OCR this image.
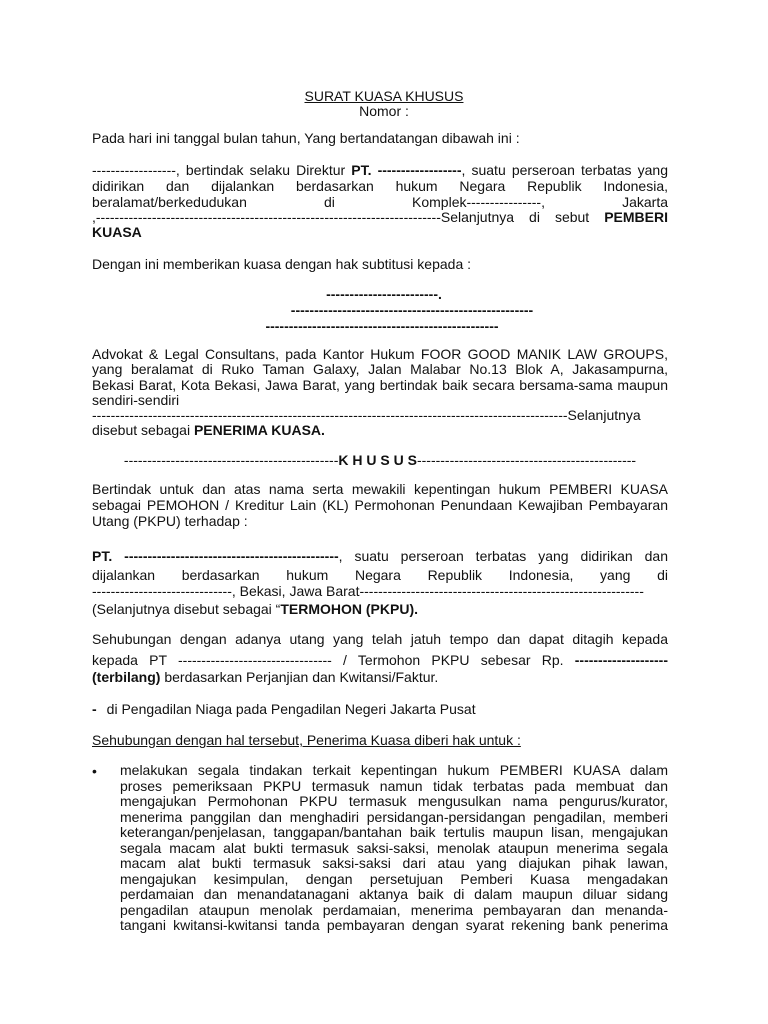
SURAT KUASA KHUSUS
Nomor :

Pada hari ini tanggal bulan tahun, Yang bertandatangan dibawah ini :

------------------, bertindak selaku Direktur PT. ------------------, suatu perseroan terbatas yang
didirikan dan dijalankan berdasarkan hukum Negara Republik Indonesia,
beralamat/berkedudukan di Komplek----------------, Jakarta
,--------------------------------------------------------------------------Selanjutnya di sebut PEMBERI
KUASA

Dengan ini memberikan kuasa dengan hak subtitusi kepada :

------------------------.
----------------------------------------------------
--------------------------------------------------
Advokat & Legal Consultans, pada Kantor Hukum FOOR GOOD MANIK LAW GROUPS,
yang beralamat di Ruko Taman Galaxy, Jalan Malabar No.13 Blok A, Jakasampurna,
Bekasi Barat, Kota Bekasi, Jawa Barat, yang bertindak baik secara bersama-sama maupun
sendiri-sendiri
------------------------------------------------------------------------------------------------------Selanjutnya
disebut sebagai PENERIMA KUASA.
----------------------------------------------K H U S U S-----------------------------------------------
Bertindak untuk dan atas nama serta mewakili kepentingan hukum PEMBERI KUASA
sebagai PEMOHON / Kreditur Lain (KL) Permohonan Penundaan Kewajiban Pembayaran
Utang (PKPU) terhadap :
PT. ----------------------------------------------, suatu perseroan terbatas yang didirikan dan
dijalankan berdasarkan hukum Negara Republik Indonesia, yang di
------------------------------, Bekasi, Jawa Barat-------------------------------------------------------------
(Selanjutnya disebut sebagai “TERMOHON (PKPU).
Sehubungan dengan adanya utang yang telah jatuh tempo dan dapat ditagih kepada
kepada PT --------------------------------- / Termohon PKPU sebesar Rp. --------------------
(terbilang) berdasarkan Perjanjian dan Kwitansi/Faktur.
- di Pengadilan Niaga pada Pengadilan Negeri Jakarta Pusat
Sehubungan dengan hal tersebut, Penerima Kuasa diberi hak untuk :
• melakukan segala tindakan terkait kepentingan hukum PEMBERI KUASA dalam
proses pemeriksaan PKPU termasuk namun tidak terbatas pada membuat dan
mengajukan Permohonan PKPU termasuk mengusulkan nama pengurus/kurator,
menerima panggilan dan menghadiri persidangan-persidangan pengadilan, memberi
keterangan/penjelasan, tanggapan/bantahan baik tertulis maupun lisan, mengajukan
segala macam alat bukti termasuk saksi-saksi, menolak ataupun menerima segala
macam alat bukti termasuk saksi-saksi dari atau yang diajukan pihak lawan,
mengajukan kesimpulan, dengan persetujuan Pemberi Kuasa mengadakan
perdamaian dan menandatanagani aktanya baik di dalam maupun diluar sidang
pengadilan ataupun menolak perdamaian, menerima pembayaran dan menanda-
tangani kwitansi-kwitansi tanda pembayaran dengan syarat rekening bank penerima
